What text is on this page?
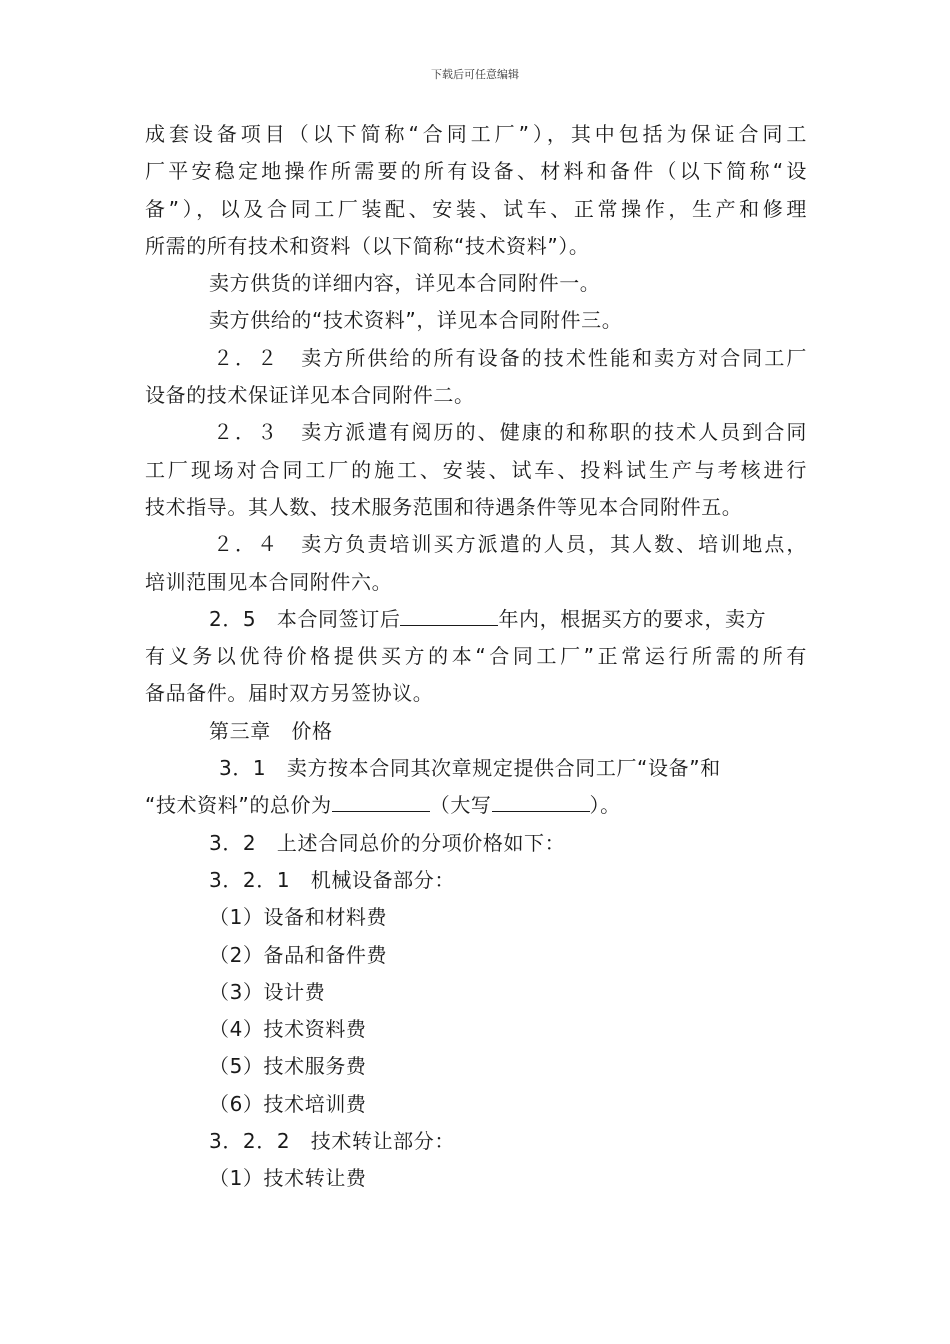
下载后可任意编辑
成套设备项目（以下简称“合同工厂”），其中包括为保证合同工
厂平安稳定地操作所需要的所有设备、材料和备件（以下简称“设
备”），以及合同工厂装配、安装、试车、正常操作，生产和修理
所需的所有技术和资料（以下简称“技术资料”）。
卖方供货的详细内容，详见本合同附件一。
卖方供给的“技术资料”，详见本合同附件三。
２．２　卖方所供给的所有设备的技术性能和卖方对合同工厂
设备的技术保证详见本合同附件二。
２．３　卖方派遣有阅历的、健康的和称职的技术人员到合同
工厂现场对合同工厂的施工、安装、试车、投料试生产与考核进行
技术指导。其人数、技术服务范围和待遇条件等见本合同附件五。
２．４　卖方负责培训买方派遣的人员，其人数、培训地点，
培训范围见本合同附件六。
2．5　本合同签订后	年内，根据买方的要求，卖方
有义务以优待价格提供买方的本“合同工厂”正常运行所需的所有
备品备件。届时双方另签协议。
第三章　价格
3．1　卖方按本合同其次章规定提供合同工厂“设备”和
“技术资料”的总价为	（大写	）。
3．2　上述合同总价的分项价格如下：
3．2．1　机械设备部分：
（1）设备和材料费
（2）备品和备件费
（3）设计费
（4）技术资料费
（5）技术服务费
（6）技术培训费
3．2．2　技术转让部分：
（1）技术转让费
